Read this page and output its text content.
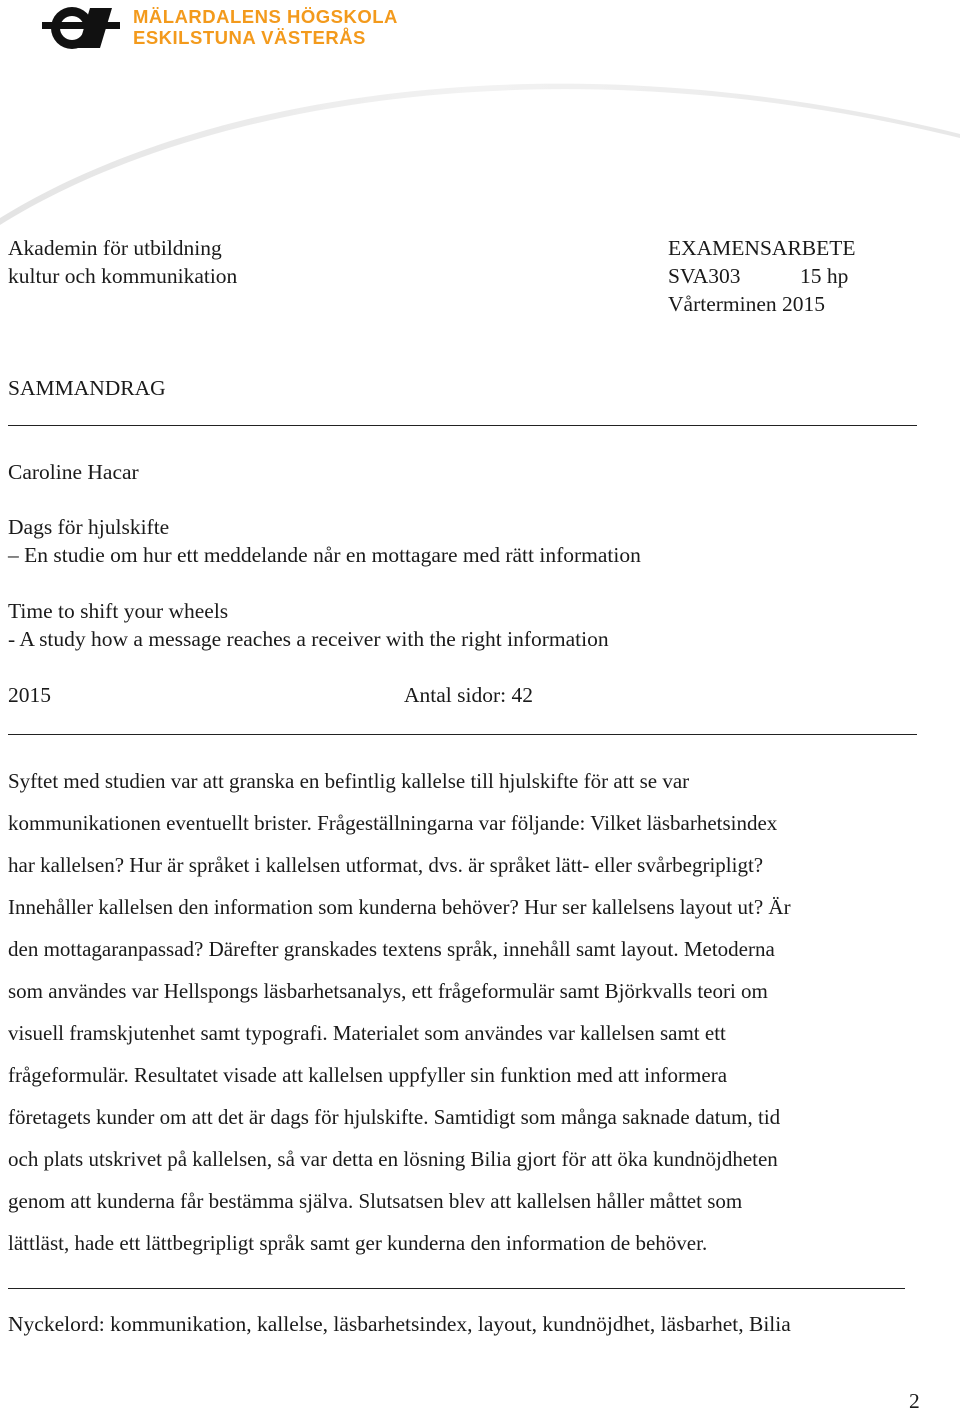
MÄLARDALENS HÖGSKOLA
ESKILSTUNA VÄSTERÅS
Akademin för utbildning
kultur och kommunikation
EXAMENSARBETE
SVA303	15 hp
Vårterminen 2015
SAMMANDRAG
Caroline Hacar
Dags för hjulskifte
– En studie om hur ett meddelande når en mottagare med rätt information
Time to shift your wheels
- A study how a message reaches a receiver with the right information
2015	Antal sidor: 42
Syftet med studien var att granska en befintlig kallelse till hjulskifte för att se var
kommunikationen eventuellt brister. Frågeställningarna var följande: Vilket läsbarhetsindex
har kallelsen? Hur är språket i kallelsen utformat, dvs. är språket lätt- eller svårbegripligt?
Innehåller kallelsen den information som kunderna behöver? Hur ser kallelsens layout ut? Är
den mottagaranpassad? Därefter granskades textens språk, innehåll samt layout. Metoderna
som användes var Hellspongs läsbarhetsanalys, ett frågeformulär samt Björkvalls teori om
visuell framskjutenhet samt typografi. Materialet som användes var kallelsen samt ett
frågeformulär. Resultatet visade att kallelsen uppfyller sin funktion med att informera
företagets kunder om att det är dags för hjulskifte. Samtidigt som många saknade datum, tid
och plats utskrivet på kallelsen, så var detta en lösning Bilia gjort för att öka kundnöjdheten
genom att kunderna får bestämma själva. Slutsatsen blev att kallelsen håller måttet som
lättläst, hade ett lättbegripligt språk samt ger kunderna den information de behöver.
Nyckelord: kommunikation, kallelse, läsbarhetsindex, layout, kundnöjdhet, läsbarhet, Bilia
2
